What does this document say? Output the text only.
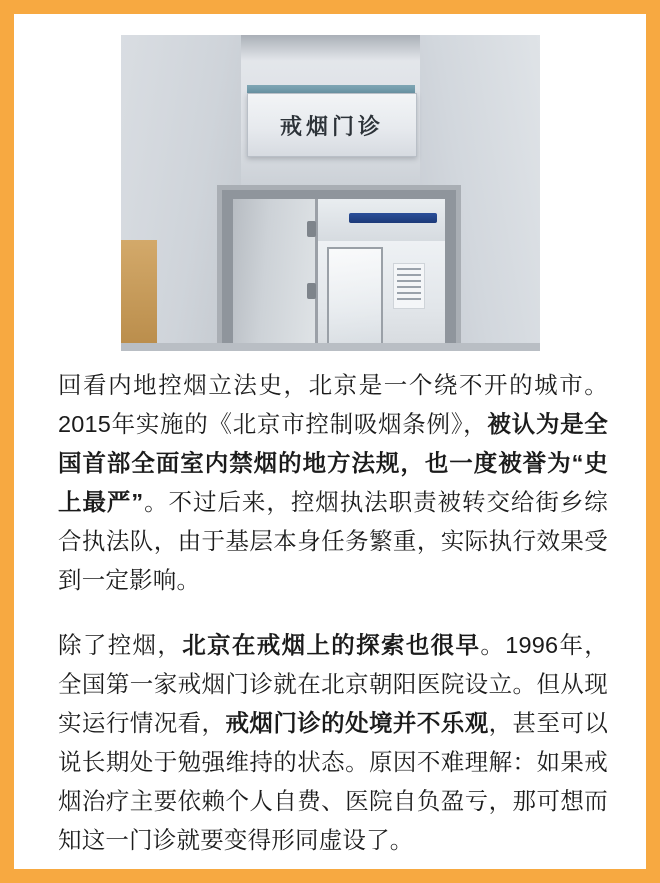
戒烟门诊

回看内地控烟立法史，北京是一个绕不开的城市。2015年实施的《北京市控制吸烟条例》，被认为是全国首部全面室内禁烟的地方法规，也一度被誉为“史上最严”。不过后来，控烟执法职责被转交给街乡综合执法队，由于基层本身任务繁重，实际执行效果受到一定影响。

除了控烟，北京在戒烟上的探索也很早。1996年，全国第一家戒烟门诊就在北京朝阳医院设立。但从现实运行情况看，戒烟门诊的处境并不乐观，甚至可以说长期处于勉强维持的状态。原因不难理解：如果戒烟治疗主要依赖个人自费、医院自负盈亏，那可想而知这一门诊就要变得形同虚设了。
